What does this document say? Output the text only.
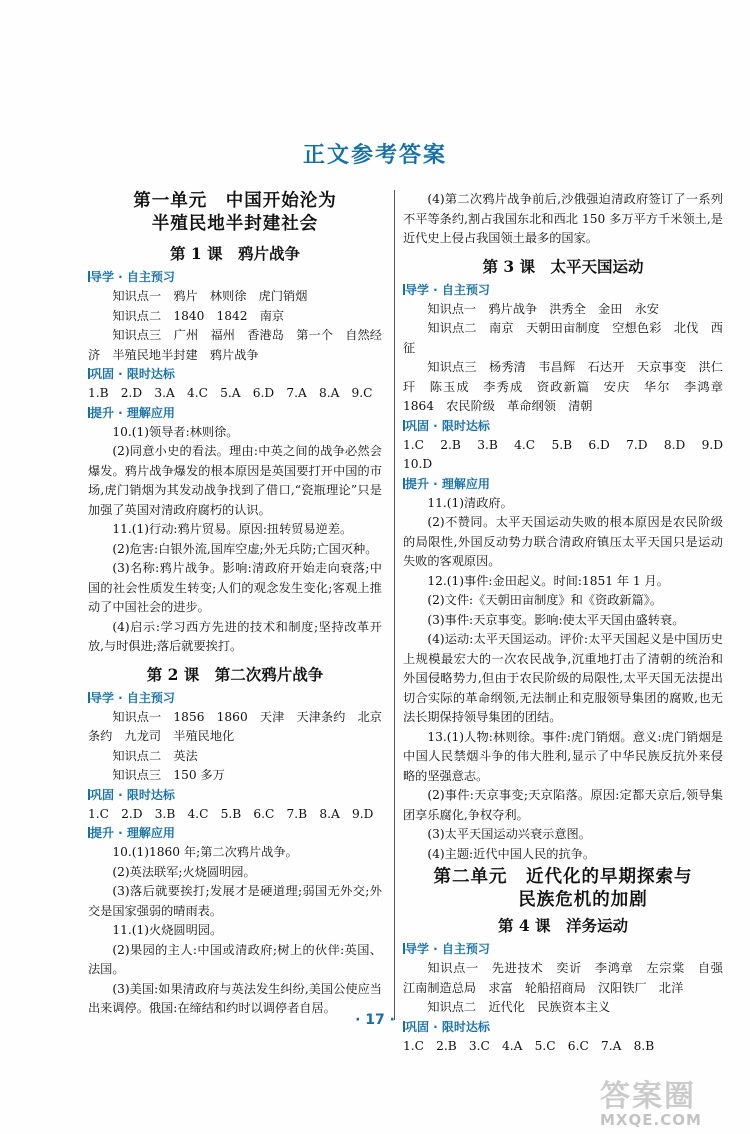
正文参考答案
第一单元　中国开始沦为
半殖民地半封建社会
第 1 课　鸦片战争
导学 · 自主预习
知识点一　鸦片　林则徐　虎门销烟
知识点二　1840　1842　南京
知识点三　广州　福州　香港岛　第一个　自然经济　半殖民地半封建　鸦片战争
巩固 · 限时达标
1.B　2.D　3.A　4.C　5.A　6.D　7.A　8.A　9.C
提升 · 理解应用
10.(1)领导者:林则徐。
(2)同意小史的看法。理由:中英之间的战争必然会爆发。鸦片战争爆发的根本原因是英国要打开中国的市场,虎门销烟为其发动战争找到了借口,“瓷瓶理论”只是加强了英国对清政府腐朽的认识。
11.(1)行动:鸦片贸易。原因:扭转贸易逆差。
(2)危害:白银外流,国库空虚;外无兵防;亡国灭种。
(3)名称:鸦片战争。影响:清政府开始走向衰落;中国的社会性质发生转变;人们的观念发生变化;客观上推动了中国社会的进步。
(4)启示:学习西方先进的技术和制度;坚持改革开放,与时俱进;落后就要挨打。
第 2 课　第二次鸦片战争
导学 · 自主预习
知识点一　1856　1860　天津　天津条约　北京条约　九龙司　半殖民地化
知识点二　英法
知识点三　150 多万
巩固 · 限时达标
1.C　2.D　3.B　4.C　5.B　6.C　7.B　8.A　9.D
提升 · 理解应用
10.(1)1860 年;第二次鸦片战争。
(2)英法联军;火烧圆明园。
(3)落后就要挨打;发展才是硬道理;弱国无外交;外交是国家强弱的晴雨表。
11.(1)火烧圆明园。
(2)果园的主人:中国或清政府;树上的伙伴:英国、法国。
(3)美国:如果清政府与英法发生纠纷,美国公使应当出来调停。俄国:在缔结和约时以调停者自居。
(4)第二次鸦片战争前后,沙俄强迫清政府签订了一系列不平等条约,割占我国东北和西北 150 多万平方千米领土,是近代史上侵占我国领土最多的国家。
第 3 课　太平天国运动
导学 · 自主预习
知识点一　鸦片战争　洪秀全　金田　永安
知识点二　南京　天朝田亩制度　空想色彩　北伐　西征
知识点三　杨秀清　韦昌辉　石达开　天京事变　洪仁玕　陈玉成　李秀成　资政新篇　安庆　华尔　李鸿章　1864　农民阶级　革命纲领　清朝
巩固 · 限时达标
1.C　2.B　3.B　4.C　5.B　6.D　7.D　8.D　9.D　10.D
提升 · 理解应用
11.(1)清政府。
(2)不赞同。太平天国运动失败的根本原因是农民阶级的局限性,外国反动势力联合清政府镇压太平天国只是运动失败的客观原因。
12.(1)事件:金田起义。时间:1851 年 1 月。
(2)文件:《天朝田亩制度》和《资政新篇》。
(3)事件:天京事变。影响:使太平天国由盛转衰。
(4)运动:太平天国运动。评价:太平天国起义是中国历史上规模最宏大的一次农民战争,沉重地打击了清朝的统治和外国侵略势力,但由于农民阶级的局限性,太平天国无法提出切合实际的革命纲领,无法制止和克服领导集团的腐败,也无法长期保持领导集团的团结。
13.(1)人物:林则徐。事件:虎门销烟。意义:虎门销烟是中国人民禁烟斗争的伟大胜利,显示了中华民族反抗外来侵略的坚强意志。
(2)事件:天京事变;天京陷落。原因:定都天京后,领导集团享乐腐化,争权夺利。
(3)太平天国运动兴衰示意图。
(4)主题:近代中国人民的抗争。
第二单元　近代化的早期探索与
民族危机的加剧
第 4 课　洋务运动
导学 · 自主预习
知识点一　先进技术　奕䜣　李鸿章　左宗棠　自强　江南制造总局　求富　轮船招商局　汉阳铁厂　北洋
知识点二　近代化　民族资本主义
巩固 · 限时达标
1.C　2.B　3.C　4.A　5.C　6.C　7.A　8.B
· 17 ·
答案圈
MXQE.COM
